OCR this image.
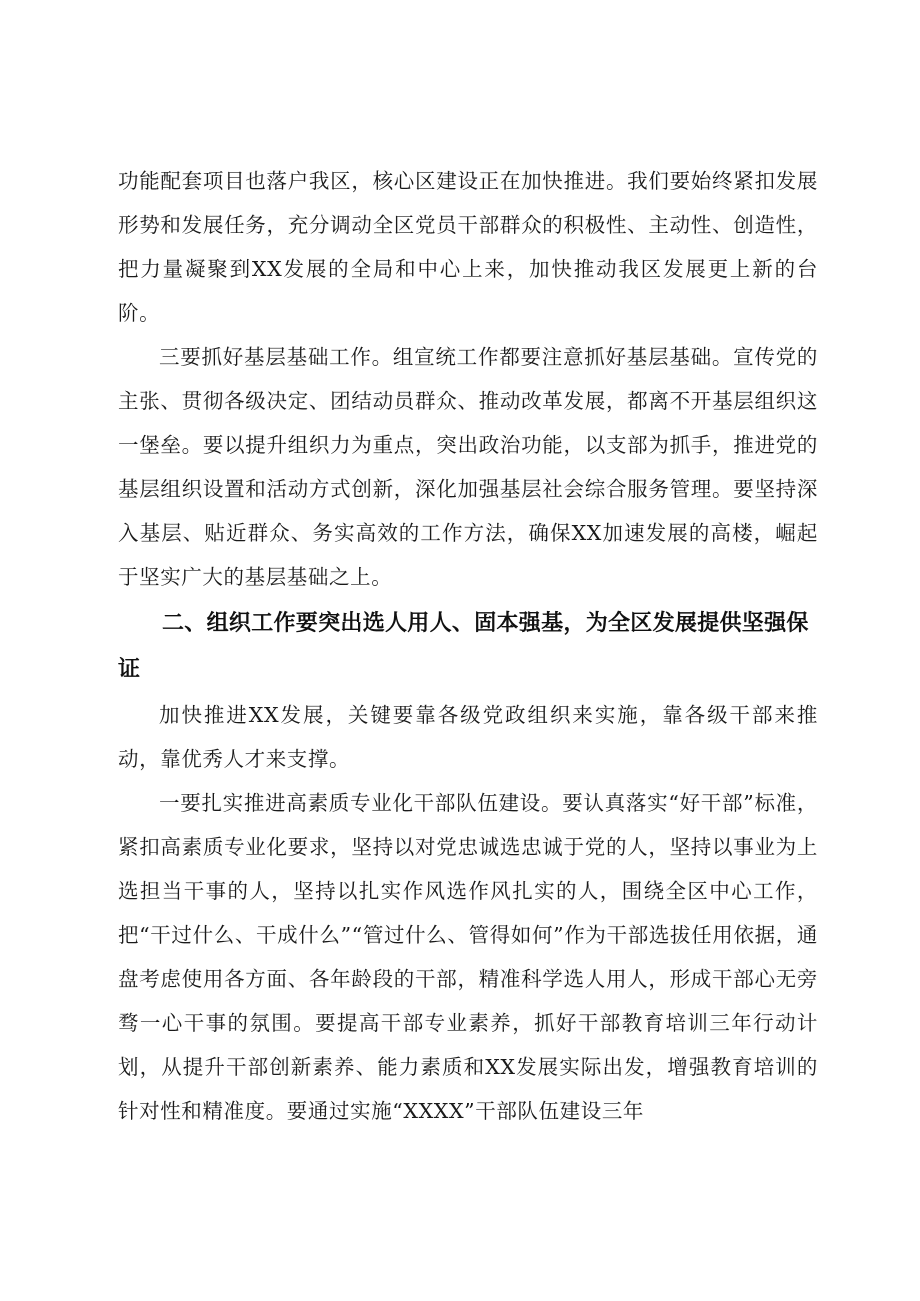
功能配套项目也落户我区，核心区建设正在加快推进。我们要始终紧扣发展形势和发展任务，充分调动全区党员干部群众的积极性、主动性、创造性，把力量凝聚到XX发展的全局和中心上来，加快推动我区发展更上新的台阶。

三要抓好基层基础工作。组宣统工作都要注意抓好基层基础。宣传党的主张、贯彻各级决定、团结动员群众、推动改革发展，都离不开基层组织这一堡垒。要以提升组织力为重点，突出政治功能，以支部为抓手，推进党的基层组织设置和活动方式创新，深化加强基层社会综合服务管理。要坚持深入基层、贴近群众、务实高效的工作方法，确保XX加速发展的高楼，崛起于坚实广大的基层基础之上。

二、组织工作要突出选人用人、固本强基，为全区发展提供坚强保证

加快推进XX发展，关键要靠各级党政组织来实施，靠各级干部来推动，靠优秀人才来支撑。

一要扎实推进高素质专业化干部队伍建设。要认真落实“好干部”标准，紧扣高素质专业化要求，坚持以对党忠诚选忠诚于党的人，坚持以事业为上选担当干事的人，坚持以扎实作风选作风扎实的人，围绕全区中心工作，把“干过什么、干成什么”“管过什么、管得如何”作为干部选拔任用依据，通盘考虑使用各方面、各年龄段的干部，精准科学选人用人，形成干部心无旁骛一心干事的氛围。要提高干部专业素养，抓好干部教育培训三年行动计划，从提升干部创新素养、能力素质和XX发展实际出发，增强教育培训的针对性和精准度。要通过实施“XXXX”干部队伍建设三年
